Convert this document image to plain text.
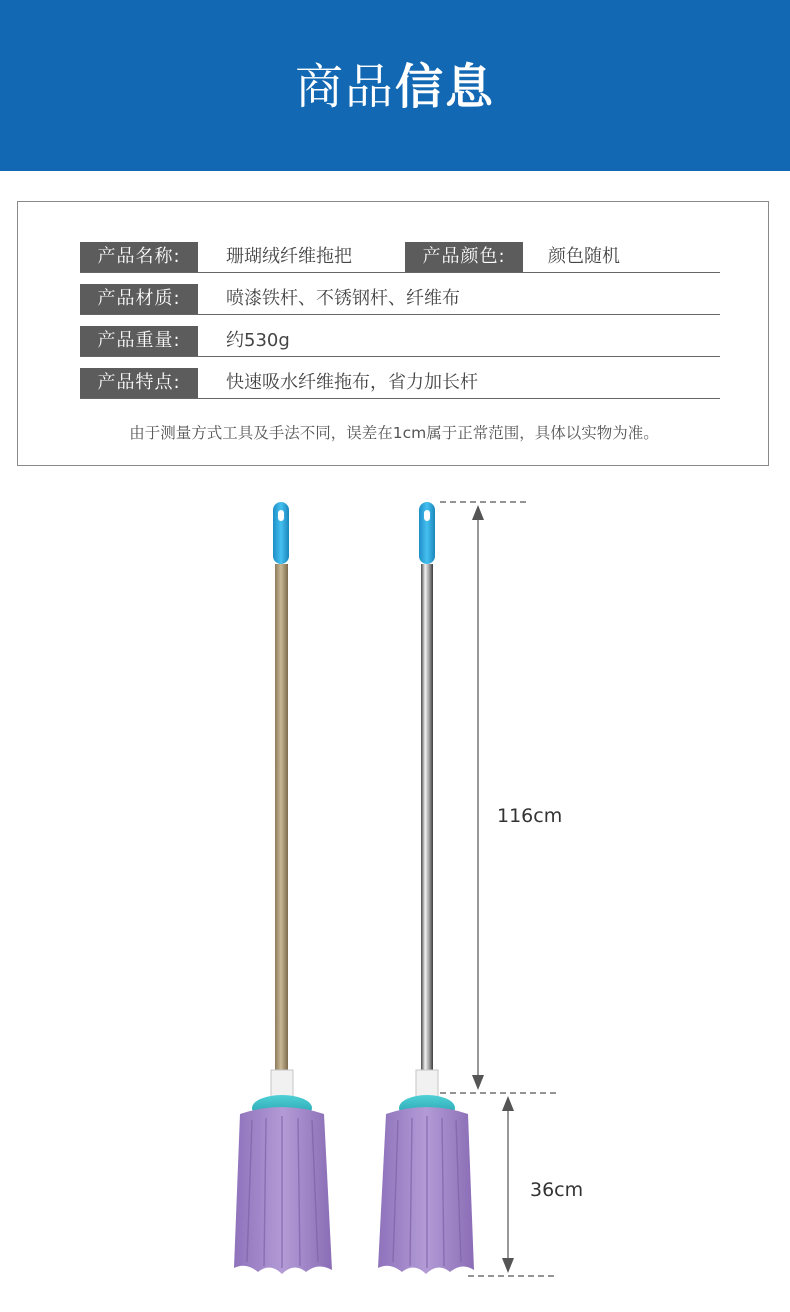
商品信息
产品名称:	珊瑚绒纤维拖把	产品颜色:	颜色随机
产品材质:	喷漆铁杆、不锈钢杆、纤维布
产品重量:	约530g
产品特点:	快速吸水纤维拖布，省力加长杆
由于测量方式工具及手法不同，误差在1cm属于正常范围，具体以实物为准。
116cm
36cm
